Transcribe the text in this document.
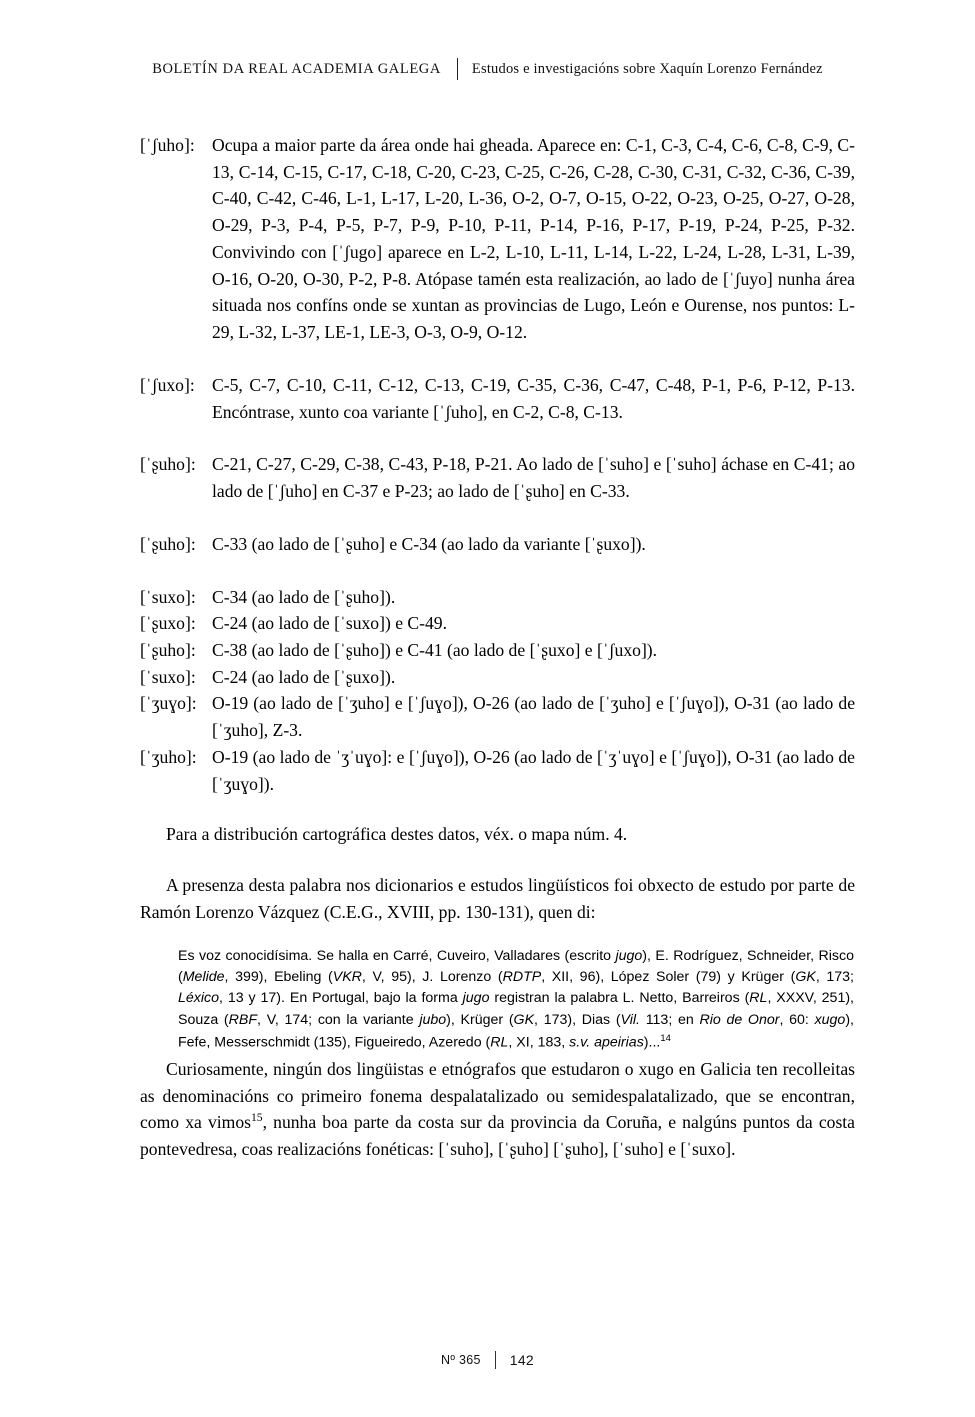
BOLETÍN DA REAL ACADEMIA GALEGA	Estudos e investigacións sobre Xaquín Lorenzo Fernández
[ˈʃuho]: Ocupa a maior parte da área onde hai gheada. Aparece en: C-1, C-3, C-4, C-6, C-8, C-9, C-13, C-14, C-15, C-17, C-18, C-20, C-23, C-25, C-26, C-28, C-30, C-31, C-32, C-36, C-39, C-40, C-42, C-46, L-1, L-17, L-20, L-36, O-2, O-7, O-15, O-22, O-23, O-25, O-27, O-28, O-29, P-3, P-4, P-5, P-7, P-9, P-10, P-11, P-14, P-16, P-17, P-19, P-24, P-25, P-32. Convivindo con [ˈʃugo] aparece en L-2, L-10, L-11, L-14, L-22, L-24, L-28, L-31, L-39, O-16, O-20, O-30, P-2, P-8. Atópase tamén esta realización, ao lado de [ˈʃuyo] nunha área situada nos confíns onde se xuntan as provincias de Lugo, León e Ourense, nos puntos: L-29, L-32, L-37, LE-1, LE-3, O-3, O-9, O-12.
[ˈʃuxo]: C-5, C-7, C-10, C-11, C-12, C-13, C-19, C-35, C-36, C-47, C-48, P-1, P-6, P-12, P-13. Encóntrase, xunto coa variante [ˈʃuho], en C-2, C-8, C-13.
[ˈʂuho]: C-21, C-27, C-29, C-38, C-43, P-18, P-21. Ao lado de [ˈsuho] e [ˈsuho] áchase en C-41; ao lado de [ˈʃuho] en C-37 e P-23; ao lado de [ˈʂuho] en C-33.
[ˈʂuho]: C-33 (ao lado de [ˈʂuho] e C-34 (ao lado da variante [ˈʂuxo]).
[ˈsuxo]: C-34 (ao lado de [ˈʂuho]).
[ˈʂuxo]: C-24 (ao lado de [ˈsuxo]) e C-49.
[ˈʂuho]: C-38 (ao lado de [ˈʂuho]) e C-41 (ao lado de [ˈʂuxo] e [ˈʃuxo]).
[ˈsuxo]: C-24 (ao lado de [ˈʂuxo]).
[ˈʒuɣo]: O-19 (ao lado de [ˈʒuho] e [ˈʃuɣo]), O-26 (ao lado de [ˈʒuho] e [ˈʃuɣo]), O-31 (ao lado de [ˈʒuho], Z-3.
[ˈʒuho]: O-19 (ao lado de ˈʒˈuɣo]: e [ˈʃuɣo]), O-26 (ao lado de [ˈʒˈuɣo] e [ˈʃuɣo]), O-31 (ao lado de [ˈʒuɣo]).
Para a distribución cartográfica destes datos, véx. o mapa núm. 4.
A presenza desta palabra nos dicionarios e estudos lingüísticos foi obxecto de estudo por parte de Ramón Lorenzo Vázquez (C.E.G., XVIII, pp. 130-131), quen di:
Es voz conocidísima. Se halla en Carré, Cuveiro, Valladares (escrito jugo), E. Rodríguez, Schneider, Risco (Melide, 399), Ebeling (VKR, V, 95), J. Lorenzo (RDTP, XII, 96), López Soler (79) y Krüger (GK, 173; Léxico, 13 y 17). En Portugal, bajo la forma jugo registran la palabra L. Netto, Barreiros (RL, XXXV, 251), Souza (RBF, V, 174; con la variante jubo), Krüger (GK, 173), Dias (Vil. 113; en Rio de Onor, 60: xugo), Fefe, Messerschmidt (135), Figueiredo, Azeredo (RL, XI, 183, s.v. apeirias)...$^{14}$
Curiosamente, ningún dos lingüistas e etnógrafos que estudaron o xugo en Galicia ten recolleitas as denominacións co primeiro fonema despalatalizado ou semidespalatalizado, que se encontran, como xa vimos$^{15}$, nunha boa parte da costa sur da provincia da Coruña, e nalgúns puntos da costa pontevedresa, coas realizacións fonéticas: [ˈsuho], [ˈʂuho] [ˈʂuho], [ˈsuho] e [ˈsuxo].
Nº 365 142
